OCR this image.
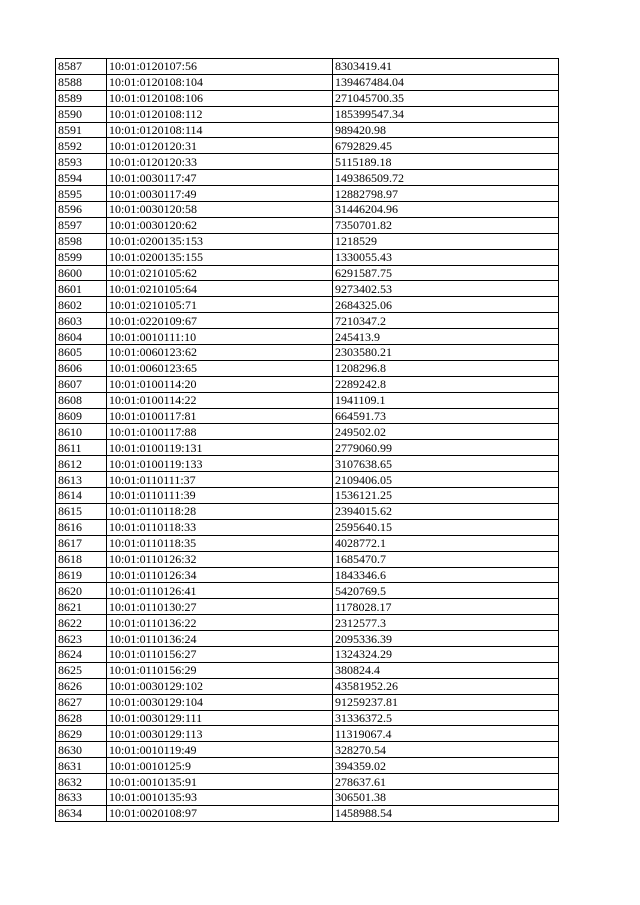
8587	10:01:0120107:56	8303419.41
8588	10:01:0120108:104	139467484.04
8589	10:01:0120108:106	271045700.35
8590	10:01:0120108:112	185399547.34
8591	10:01:0120108:114	989420.98
8592	10:01:0120120:31	6792829.45
8593	10:01:0120120:33	5115189.18
8594	10:01:0030117:47	149386509.72
8595	10:01:0030117:49	12882798.97
8596	10:01:0030120:58	31446204.96
8597	10:01:0030120:62	7350701.82
8598	10:01:0200135:153	1218529
8599	10:01:0200135:155	1330055.43
8600	10:01:0210105:62	6291587.75
8601	10:01:0210105:64	9273402.53
8602	10:01:0210105:71	2684325.06
8603	10:01:0220109:67	7210347.2
8604	10:01:0010111:10	245413.9
8605	10:01:0060123:62	2303580.21
8606	10:01:0060123:65	1208296.8
8607	10:01:0100114:20	2289242.8
8608	10:01:0100114:22	1941109.1
8609	10:01:0100117:81	664591.73
8610	10:01:0100117:88	249502.02
8611	10:01:0100119:131	2779060.99
8612	10:01:0100119:133	3107638.65
8613	10:01:0110111:37	2109406.05
8614	10:01:0110111:39	1536121.25
8615	10:01:0110118:28	2394015.62
8616	10:01:0110118:33	2595640.15
8617	10:01:0110118:35	4028772.1
8618	10:01:0110126:32	1685470.7
8619	10:01:0110126:34	1843346.6
8620	10:01:0110126:41	5420769.5
8621	10:01:0110130:27	1178028.17
8622	10:01:0110136:22	2312577.3
8623	10:01:0110136:24	2095336.39
8624	10:01:0110156:27	1324324.29
8625	10:01:0110156:29	380824.4
8626	10:01:0030129:102	43581952.26
8627	10:01:0030129:104	91259237.81
8628	10:01:0030129:111	31336372.5
8629	10:01:0030129:113	11319067.4
8630	10:01:0010119:49	328270.54
8631	10:01:0010125:9	394359.02
8632	10:01:0010135:91	278637.61
8633	10:01:0010135:93	306501.38
8634	10:01:0020108:97	1458988.54
